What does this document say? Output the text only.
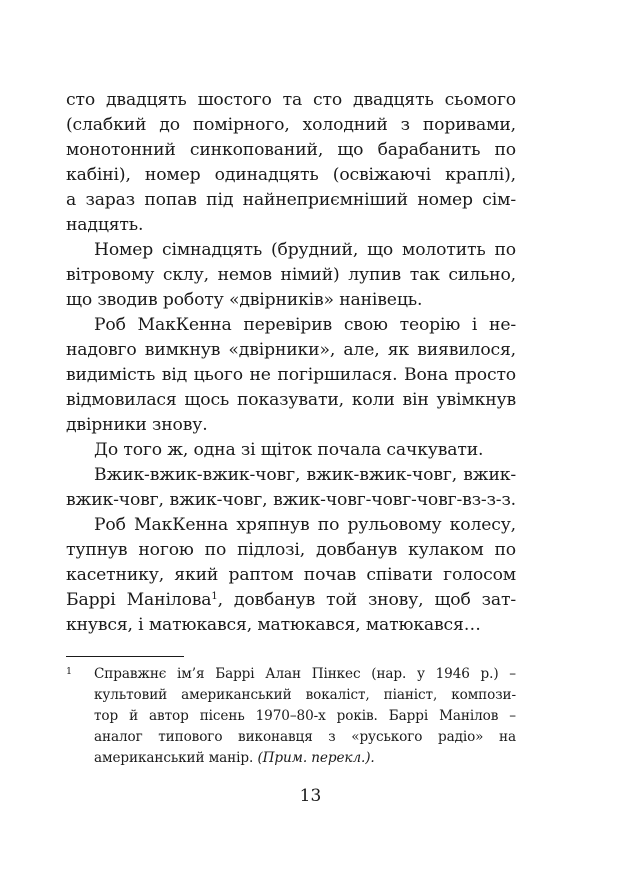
сто двадцять шостого та сто двадцять сьомого
(слабкий до помірного, холодний з поривами,
монотонний синкопований, що барабанить по
кабіні), номер одинадцять (освіжаючі краплі),
а зараз попав під найнеприємніший номер сім-
надцять.
Номер сімнадцять (брудний, що молотить по
вітровому склу, немов німий) лупив так сильно,
що зводив роботу «двірників» нанівець.
Роб МакКенна перевірив свою теорію і не-
надовго вимкнув «двірники», але, як виявилося,
видимість від цього не погіршилася. Вона просто
відмовилася щось показувати, коли він увімкнув
двірники знову.
До того ж, одна зі щіток почала сачкувати.
Вжик-вжик-вжик-човг, вжик-вжик-човг, вжик-
вжик-човг, вжик-човг, вжик-човг-човг-човг-вз-з-з.
Роб МакКенна хряпнув по рульовому колесу,
тупнув ногою по підлозі, довбанув кулаком по
касетнику, який раптом почав співати голосом
Баррі Манілова$^1$, довбанув той знову, щоб зат-
кнувся, і матюкався, матюкався, матюкався…
1 Справжнє ім’я Баррі Алан Пінкес (нар. у 1946 р.) –
культовий американський вокаліст, піаніст, компози-
тор й автор пісень 1970–80-х років. Баррі Манілов –
аналог типового виконавця з «руського радіо» на
американський манір. (Прим. перекл.).
13
